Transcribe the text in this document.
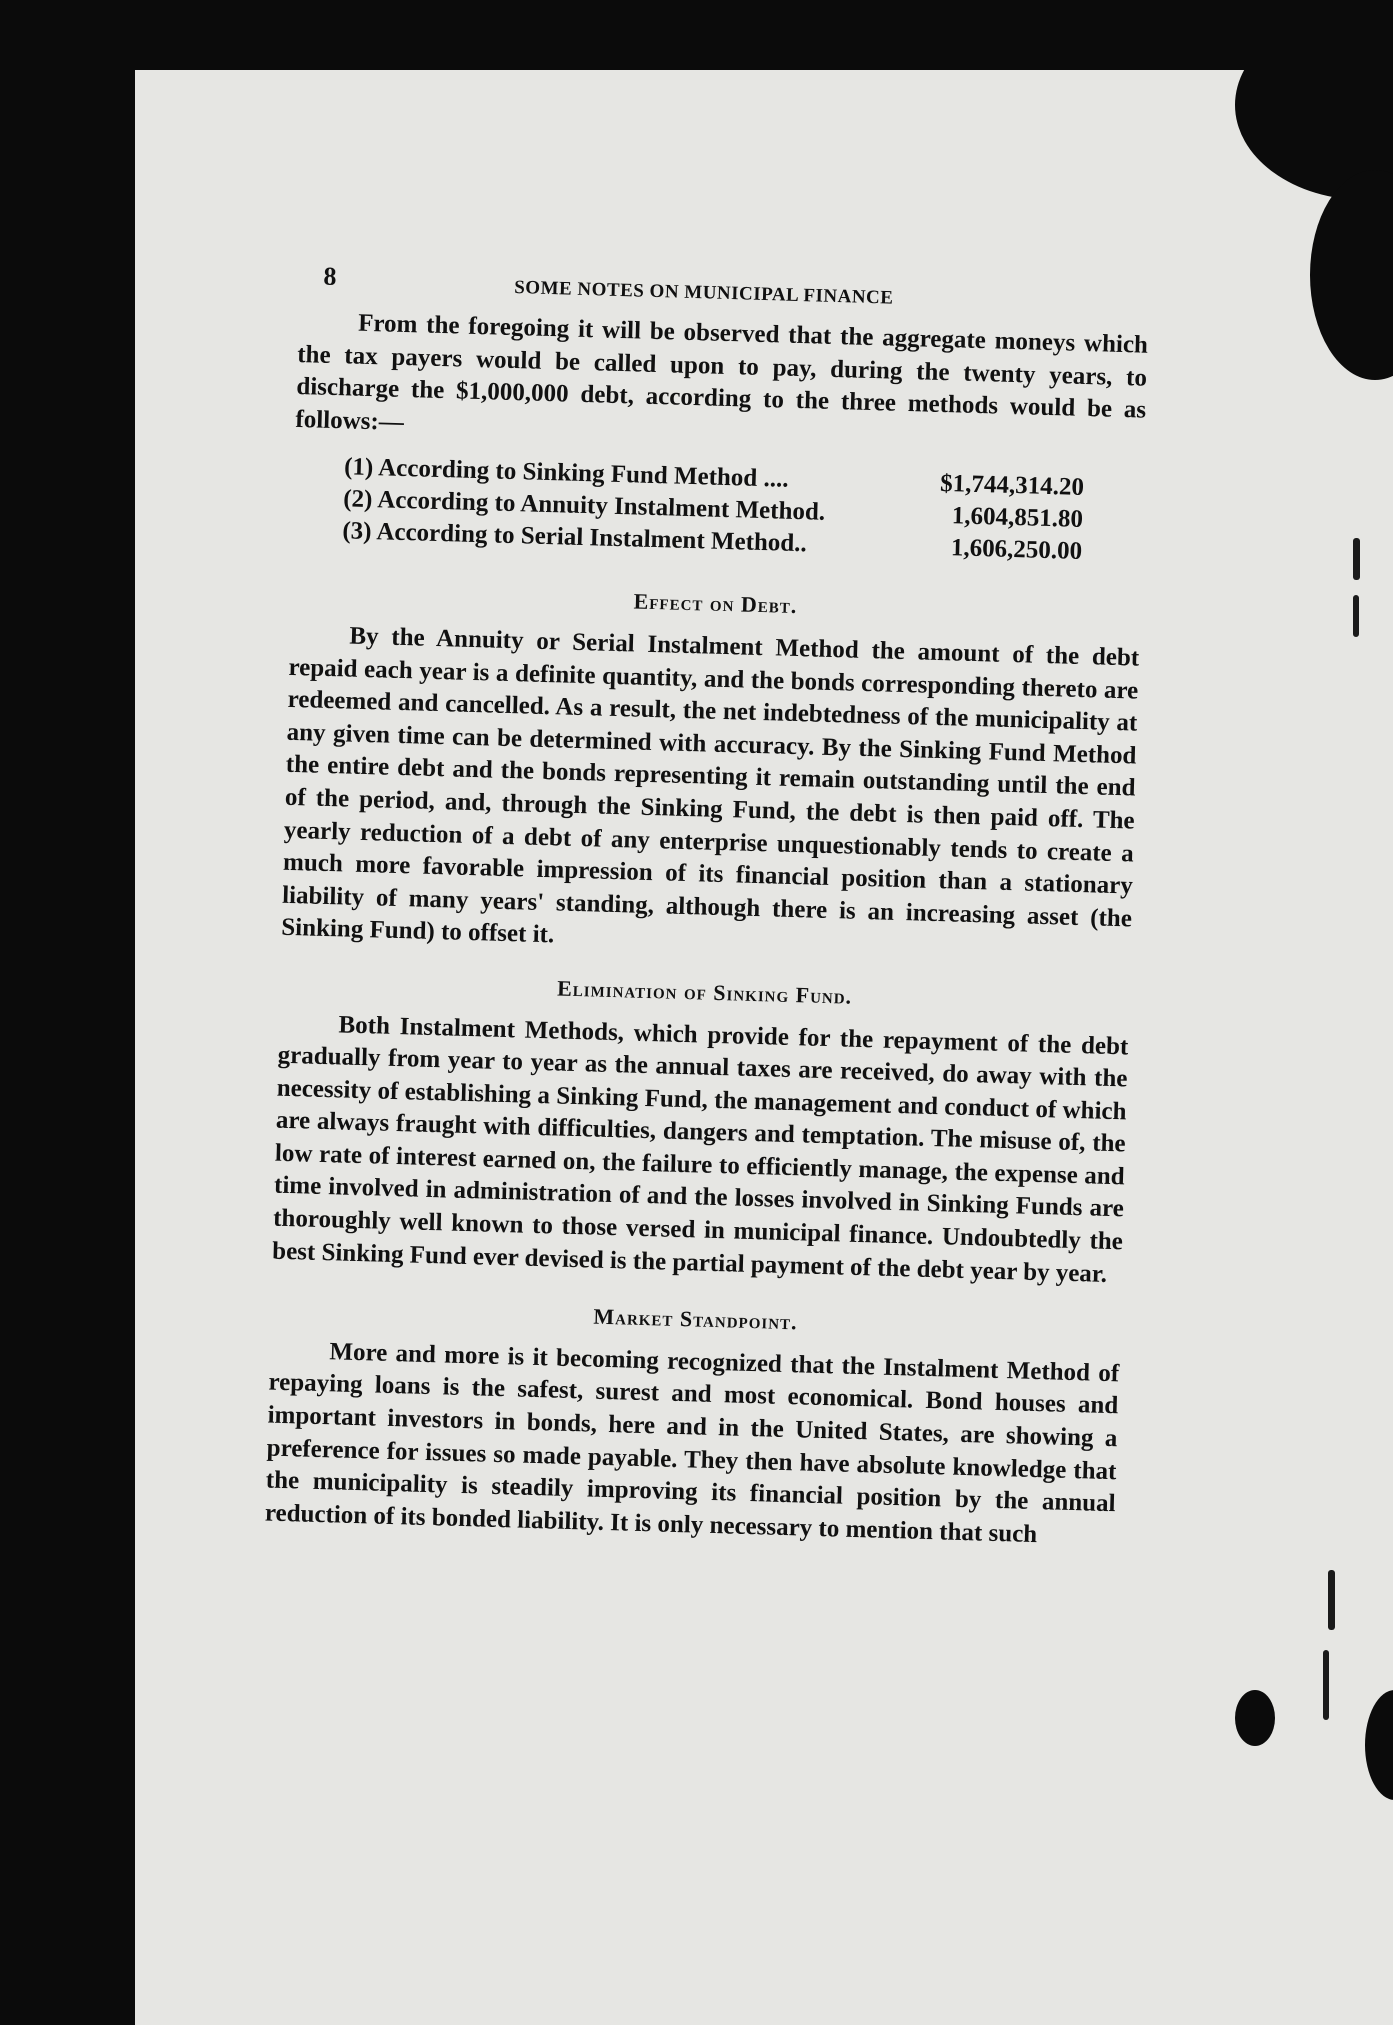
8
SOME NOTES ON MUNICIPAL FINANCE

From the foregoing it will be observed that the aggregate moneys which the tax payers would be called upon to pay, during the twenty years, to discharge the $1,000,000 debt, according to the three methods would be as follows:—

(1) According to Sinking Fund Method ....	$1,744,314.20
(2) According to Annuity Instalment Method.	1,604,851.80
(3) According to Serial Instalment Method..	1,606,250.00
Effect on Debt.

By the Annuity or Serial Instalment Method the amount of the debt repaid each year is a definite quantity, and the bonds corresponding thereto are redeemed and cancelled. As a result, the net indebtedness of the municipality at any given time can be determined with accuracy. By the Sinking Fund Method the entire debt and the bonds representing it remain outstanding until the end of the period, and, through the Sinking Fund, the debt is then paid off. The yearly reduction of a debt of any enterprise unquestionably tends to create a much more favorable impression of its financial position than a stationary liability of many years' standing, although there is an increasing asset (the Sinking Fund) to offset it.

Elimination of Sinking Fund.

Both Instalment Methods, which provide for the repayment of the debt gradually from year to year as the annual taxes are received, do away with the necessity of establishing a Sinking Fund, the management and conduct of which are always fraught with difficulties, dangers and temptation. The misuse of, the low rate of interest earned on, the failure to efficiently manage, the expense and time involved in administration of and the losses involved in Sinking Funds are thoroughly well known to those versed in municipal finance. Undoubtedly the best Sinking Fund ever devised is the partial payment of the debt year by year.

Market Standpoint.

More and more is it becoming recognized that the Instalment Method of repaying loans is the safest, surest and most economical. Bond houses and important investors in bonds, here and in the United States, are showing a preference for issues so made payable. They then have absolute knowledge that the municipality is steadily improving its financial position by the annual reduction of its bonded liability. It is only necessary to mention that such
